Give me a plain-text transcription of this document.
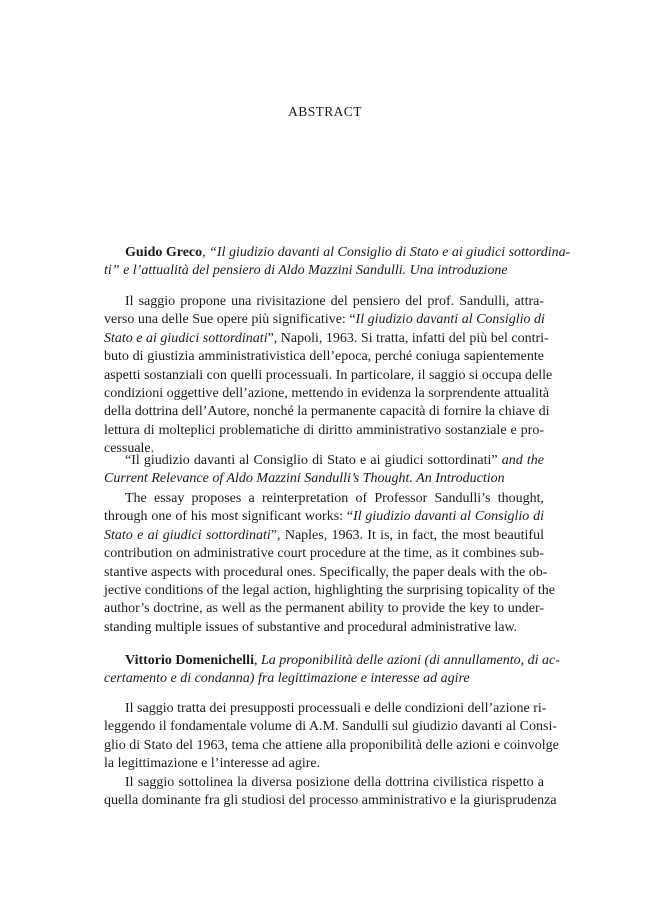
ABSTRACT
Guido Greco, “Il giudizio davanti al Consiglio di Stato e ai giudici sottordina-
ti” e l’attualità del pensiero di Aldo Mazzini Sandulli. Una introduzione
Il saggio propone una rivisitazione del pensiero del prof. Sandulli, attra-
verso una delle Sue opere più significative: “Il giudizio davanti al Consiglio di
Stato e ai giudici sottordinati”, Napoli, 1963. Si tratta, infatti del più bel contri-
buto di giustizia amministrativistica dell’epoca, perché coniuga sapientemente
aspetti sostanziali con quelli processuali. In particolare, il saggio si occupa delle
condizioni oggettive dell’azione, mettendo in evidenza la sorprendente attualità
della dottrina dell’Autore, nonché la permanente capacità di fornire la chiave di
lettura di molteplici problematiche di diritto amministrativo sostanziale e pro-
cessuale.
“Il giudizio davanti al Consiglio di Stato e ai giudici sottordinati” and the
Current Relevance of Aldo Mazzini Sandulli’s Thought. An Introduction
The essay proposes a reinterpretation of Professor Sandulli’s thought,
through one of his most significant works: “Il giudizio davanti al Consiglio di
Stato e ai giudici sottordinati”, Naples, 1963. It is, in fact, the most beautiful
contribution on administrative court procedure at the time, as it combines sub-
stantive aspects with procedural ones. Specifically, the paper deals with the ob-
jective conditions of the legal action, highlighting the surprising topicality of the
author’s doctrine, as well as the permanent ability to provide the key to under-
standing multiple issues of substantive and procedural administrative law.
Vittorio Domenichelli, La proponibilità delle azioni (di annullamento, di ac-
certamento e di condanna) fra legittimazione e interesse ad agire
Il saggio tratta dei presupposti processuali e delle condizioni dell’azione ri-
leggendo il fondamentale volume di A.M. Sandulli sul giudizio davanti al Consi-
glio di Stato del 1963, tema che attiene alla proponibilità delle azioni e coinvolge
la legittimazione e l’interesse ad agire.
Il saggio sottolinea la diversa posizione della dottrina civilistica rispetto a
quella dominante fra gli studiosi del processo amministrativo e la giurisprudenza
